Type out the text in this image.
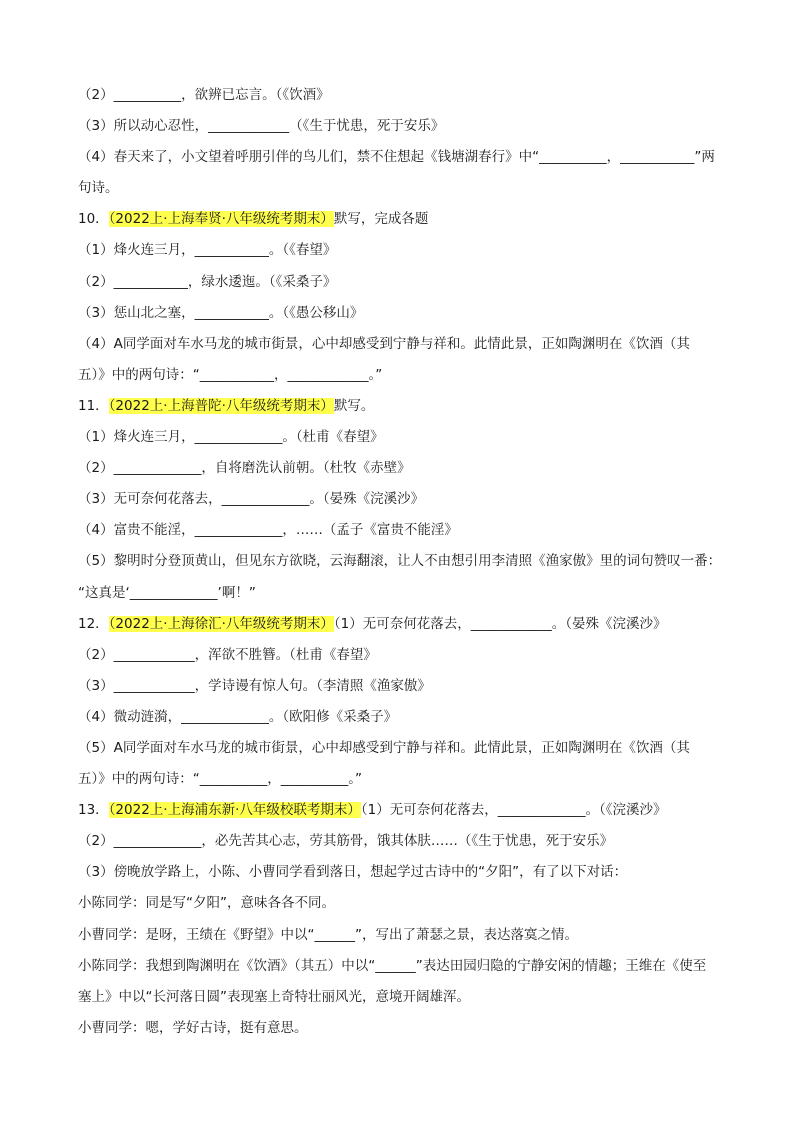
（2）__________，欲辨已忘言。（《饮酒》
（3）所以动心忍性，____________（《生于忧患，死于安乐》
（4）春天来了，小文望着呼朋引伴的鸟儿们，禁不住想起《钱塘湖春行》中“__________，___________”两
句诗。
10．（2022上·上海奉贤·八年级统考期末）默写，完成各题
（1）烽火连三月，___________。（《春望》
（2）___________，绿水逶迤。（《采桑子》
（3）惩山北之塞，___________。（《愚公移山》
（4）A同学面对车水马龙的城市街景，心中却感受到宁静与祥和。此情此景，正如陶渊明在《饮酒（其
五）》中的两句诗：“___________，____________。”
11．（2022上·上海普陀·八年级统考期末）默写。
（1）烽火连三月，_____________。（杜甫《春望》
（2）_____________，自将磨洗认前朝。（杜牧《赤壁》
（3）无可奈何花落去，_____________。（晏殊《浣溪沙》
（4）富贵不能淫，_____________，……（孟子《富贵不能淫》
（5）黎明时分登顶黄山，但见东方欲晓，云海翻滚，让人不由想引用李清照《渔家傲》里的词句赞叹一番：
“这真是‘_____________’啊！”
12．（2022上·上海徐汇·八年级统考期末）（1）无可奈何花落去，____________。（晏殊《浣溪沙》
（2）____________，浑欲不胜簪。（杜甫《春望》
（3）____________，学诗谩有惊人句。（李清照《渔家傲》
（4）微动涟漪，_____________。（欧阳修《采桑子》
（5）A同学面对车水马龙的城市街景，心中却感受到宁静与祥和。此情此景，正如陶渊明在《饮酒（其
五）》中的两句诗：“__________，__________。”
13．（2022上·上海浦东新·八年级校联考期末）（1）无可奈何花落去，_____________。（《浣溪沙》
（2）_____________，必先苦其心志，劳其筋骨，饿其体肤……（《生于忧患，死于安乐》
（3）傍晚放学路上，小陈、小曹同学看到落日，想起学过古诗中的“夕阳”，有了以下对话：
小陈同学：同是写“夕阳”，意味各各不同。
小曹同学：是呀，王绩在《野望》中以“______”，写出了萧瑟之景，表达落寞之情。
小陈同学：我想到陶渊明在《饮酒》（其五）中以“______”表达田园归隐的宁静安闲的情趣；王维在《使至
塞上》中以“长河落日圆”表现塞上奇特壮丽风光，意境开阔雄浑。
小曹同学：嗯，学好古诗，挺有意思。
